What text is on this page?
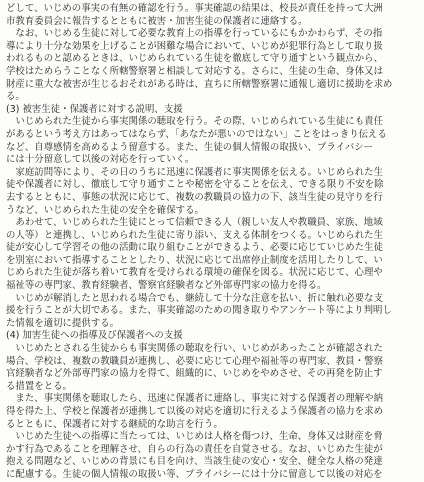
どして、いじめの事実の有無の確認を行う。事実確認の結果は、校長が責任を持って大洲
市教育委員会に報告するとともに被害・加害生徒の保護者に連絡する。
　なお、いじめる生徒に対して必要な教育上の指導を行っているにもかかわらず、その指
導により十分な効果を上げることが困難な場合において、いじめが犯罪行為として取り扱
われるものと認めるときは、いじめられている生徒を徹底して守り通すという観点から、
学校はためらうことなく所轄警察署と相談して対応する。さらに、生徒の生命、身体又は
財産に重大な被害が生じるおそれがある時は、直ちに所轄警察署に通報し適切に援助を求め
る。
(3) 被害生徒・保護者に対する説明、支援
　いじめられた生徒から事実関係の聴取を行う。その際、いじめられている生徒にも責任
があるという考え方はあってはならず、「あなたが悪いのではない」ことをはっきり伝える
など、自尊感情を高めるよう留意する。また、生徒の個人情報の取扱い、プライバシー
には十分留意して以後の対応を行っていく。
　家庭訪問等により、その日のうちに迅速に保護者に事実関係を伝える。いじめられた生
徒や保護者に対し、徹底して守り通すことや秘密を守ることを伝え、できる限り不安を除
去するとともに、事態の状況に応じて、複数の教職員の協力の下、該当生徒の見守りを行
うなど、いじめられた生徒の安全を確保する。
　あわせて、いじめられた生徒にとって信頼できる人（親しい友人や教職員、家族、地域
の人等）と連携し、いじめられた生徒に寄り添い、支える体制をつくる。いじめられた生
徒が安心して学習その他の活動に取り組むことができるよう、必要に応じていじめた生徒
を別室において指導することとしたり、状況に応じて出席停止制度を活用したりして、い
じめられた生徒が落ち着いて教育を受けられる環境の確保を図る。状況に応じて、心理や
福祉等の専門家、教育経験者、警察官経験者など外部専門家の協力を得る。
　いじめが解消したと思われる場合でも、継続して十分な注意を払い、折に触れ必要な支
援を行うことが大切である。また、事実確認のための聞き取りやアンケート等により判明し
た情報を適切に提供する。
(4) 加害生徒への指導及び保護者への支援
　いじめたとされる生徒からも事実関係の聴取を行い、いじめがあったことが確認された
場合、学校は、複数の教職員が連携し、必要に応じて心理や福祉等の専門家、教員・警察
官経験者など外部専門家の協力を得て、組織的に、いじめをやめさせ、その再発を防止す
る措置をとる。
　また、事実関係を聴取したら、迅速に保護者に連絡し、事実に対する保護者の理解や納
得を得た上、学校と保護者が連携して以後の対応を適切に行えるよう保護者の協力を求め
るとともに、保護者に対する継続的な助言を行う。
　いじめた生徒への指導に当たっては、いじめは人格を傷つけ、生命、身体又は財産を脅
かす行為であることを理解させ、自らの行為の責任を自覚させる。なお、いじめた生徒が
抱える問題など、いじめの背景にも目を向け、当該生徒の安心・安全、健全な人格の発達
に配慮する。生徒の個人情報の取扱い等、プライバシーには十分に留意して以後の対応を
